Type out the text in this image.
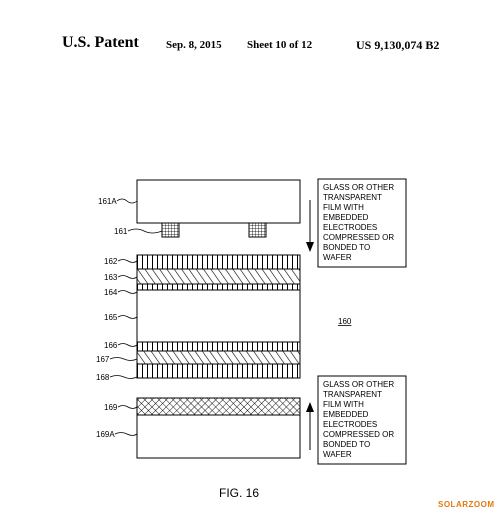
U.S. Patent Sep. 8, 2015 Sheet 10 of 12	US 9,130,074 B2
161A
161
162
163
164
165
166
167
168
169
169A
160
GLASS OR OTHER
TRANSPARENT
FILM WITH
EMBEDDED
ELECTRODES
COMPRESSED OR
BONDED TO
WAFER
GLASS OR OTHER
TRANSPARENT
FILM WITH
EMBEDDED
ELECTRODES
COMPRESSED OR
BONDED TO
WAFER
FIG. 16
SOLARZOOM
